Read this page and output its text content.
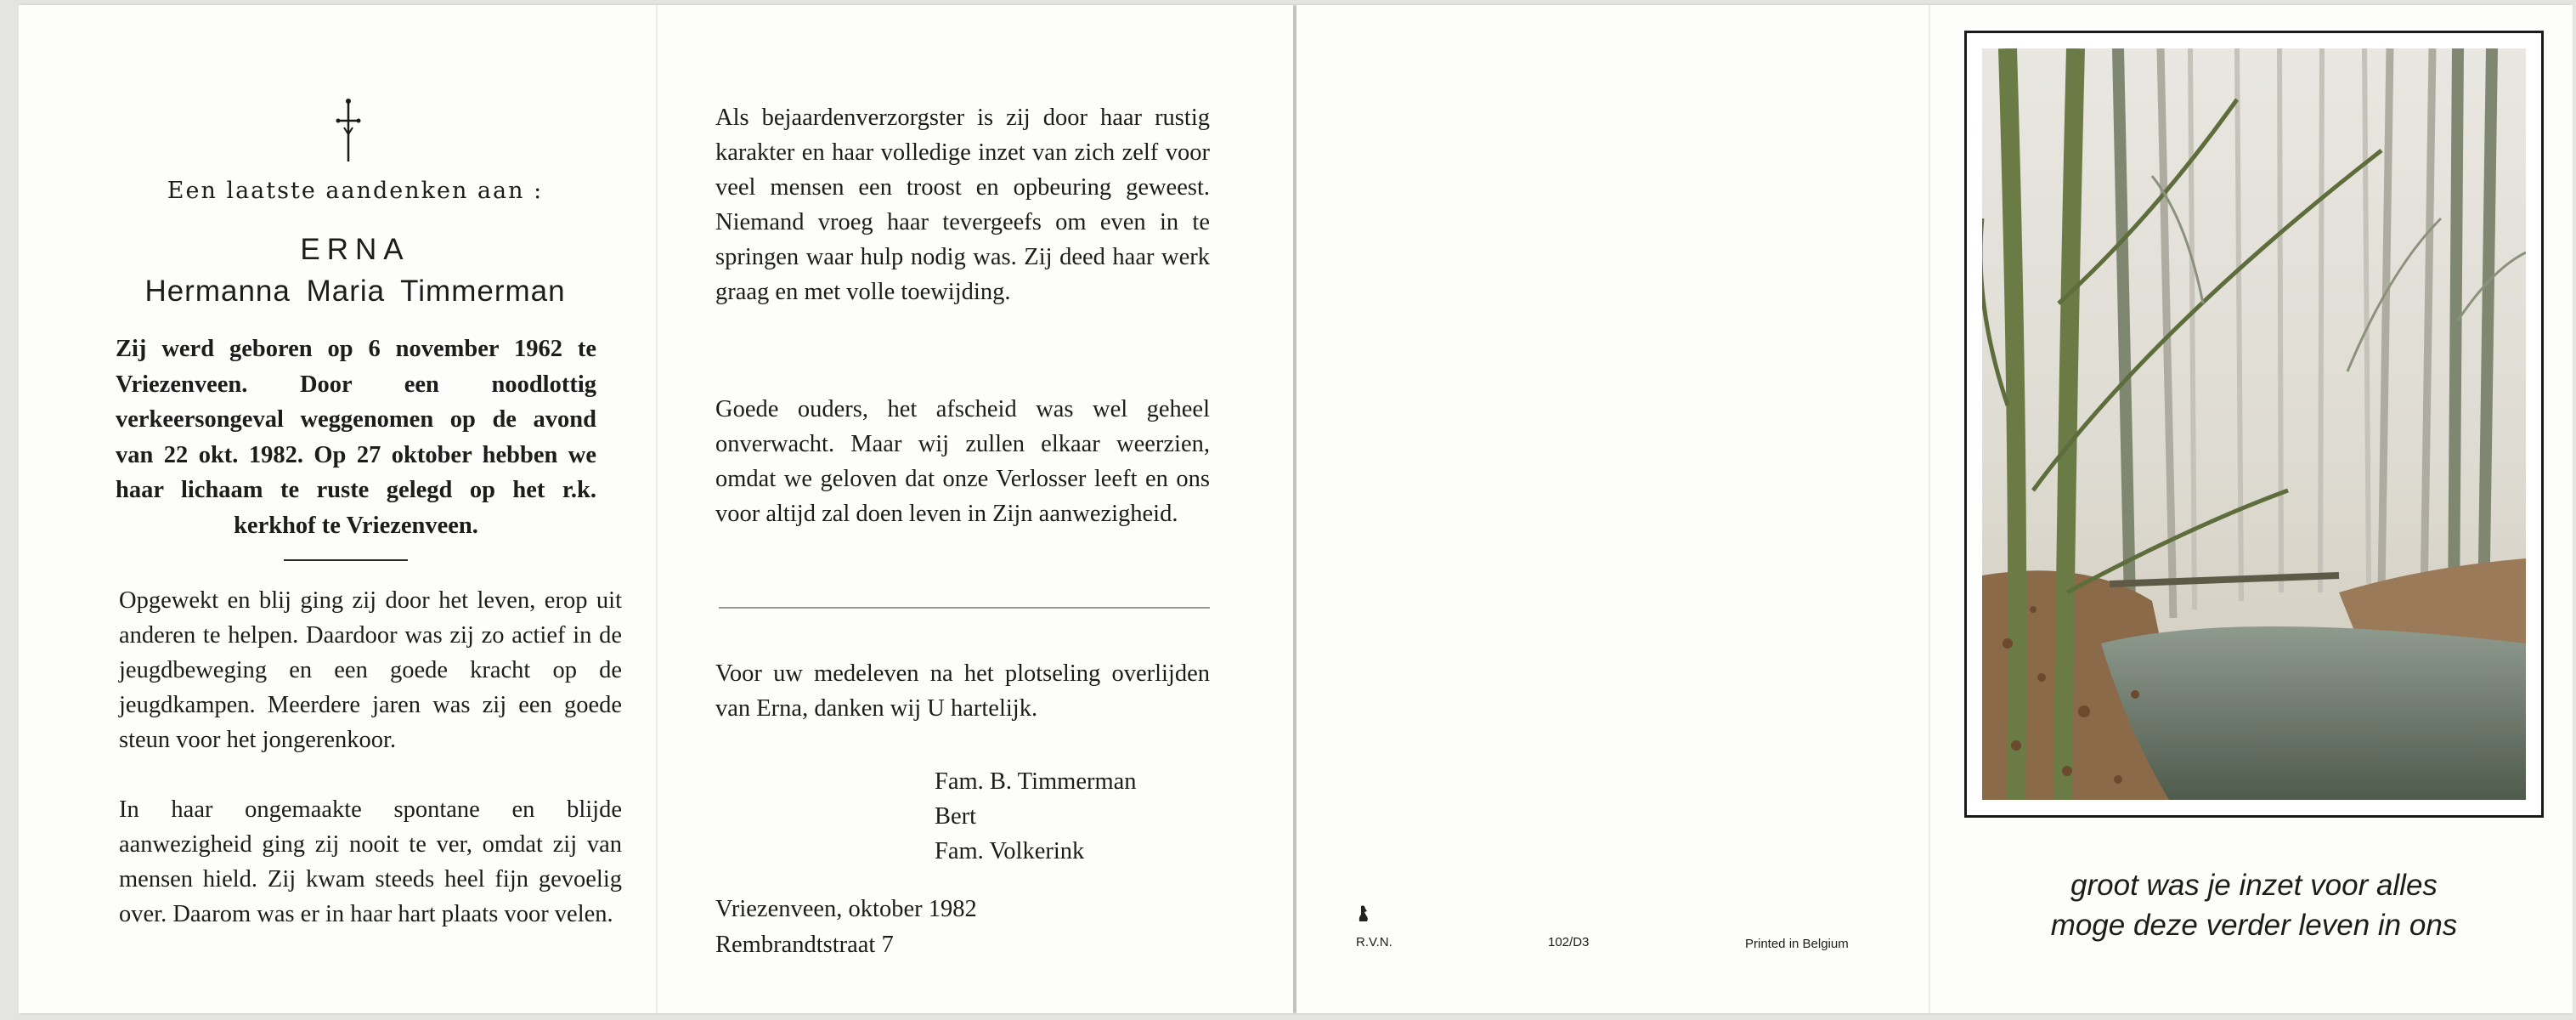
Een laatste aandenken aan :
ERNA
Hermanna Maria Timmerman

Zij werd geboren op 6 november 1962 te Vriezenveen. Door een noodlottig verkeersongeval weggenomen op de avond van 22 okt. 1982. Op 27 oktober hebben we haar lichaam te ruste gelegd op het r.k. kerkhof te Vriezenveen.

Opgewekt en blij ging zij door het leven, erop uit anderen te helpen. Daardoor was zij zo actief in de jeugdbeweging en een goede kracht op de jeugdkampen. Meerdere jaren was zij een goede steun voor het jongerenkoor.

In haar ongemaakte spontane en blijde aanwezigheid ging zij nooit te ver, omdat zij van mensen hield. Zij kwam steeds heel fijn gevoelig over. Daarom was er in haar hart plaats voor velen.

Als bejaardenverzorgster is zij door haar rustig karakter en haar volledige inzet van zich zelf voor veel mensen een troost en opbeuring geweest. Niemand vroeg haar tevergeefs om even in te springen waar hulp nodig was. Zij deed haar werk graag en met volle toewijding.

Goede ouders, het afscheid was wel geheel onverwacht. Maar wij zullen elkaar weerzien, omdat we geloven dat onze Verlosser leeft en ons voor altijd zal doen leven in Zijn aanwezigheid.

Voor uw medeleven na het plotseling overlijden van Erna, danken wij U hartelijk.

Fam. B. Timmerman
Bert
Fam. Volkerink
Vriezenveen, oktober 1982
Rembrandtstraat 7	R.V.N.	102/D3	Printed in Belgium
groot was je inzet voor alles
moge deze verder leven in ons
